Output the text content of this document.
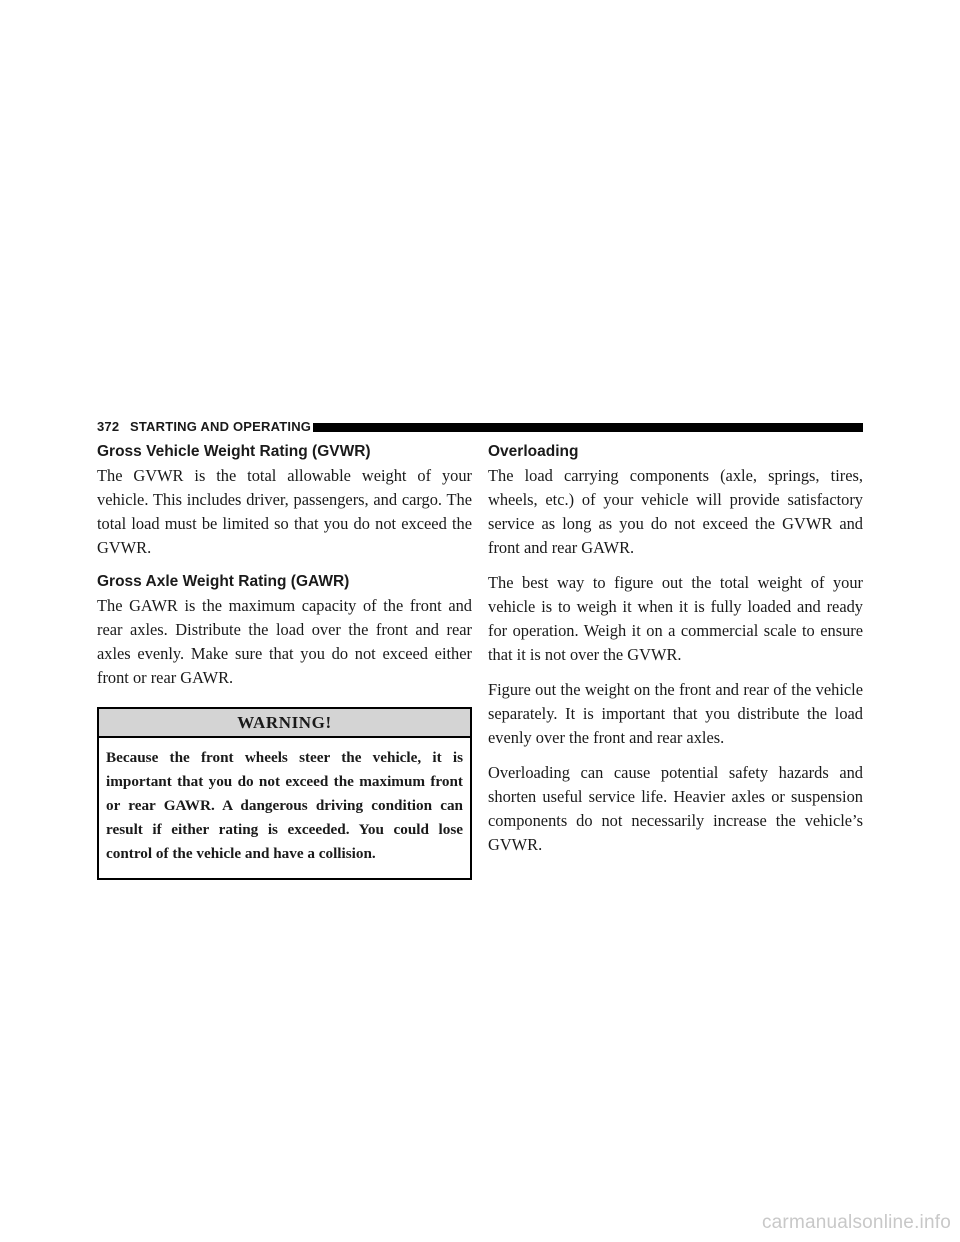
372 STARTING AND OPERATING
Gross Vehicle Weight Rating (GVWR)

The GVWR is the total allowable weight of your vehicle. This includes driver, passengers, and cargo. The total load must be limited so that you do not exceed the GVWR.

Gross Axle Weight Rating (GAWR)

The GAWR is the maximum capacity of the front and rear axles. Distribute the load over the front and rear axles evenly. Make sure that you do not exceed either front or rear GAWR.

WARNING!
Because the front wheels steer the vehicle, it is important that you do not exceed the maximum front or rear GAWR. A dangerous driving condition can result if either rating is exceeded. You could lose control of the vehicle and have a collision.
Overloading

The load carrying components (axle, springs, tires, wheels, etc.) of your vehicle will provide satisfactory service as long as you do not exceed the GVWR and front and rear GAWR.

The best way to figure out the total weight of your vehicle is to weigh it when it is fully loaded and ready for operation. Weigh it on a commercial scale to ensure that it is not over the GVWR.

Figure out the weight on the front and rear of the vehicle separately. It is important that you distribute the load evenly over the front and rear axles.

Overloading can cause potential safety hazards and shorten useful service life. Heavier axles or suspension components do not necessarily increase the vehicle’s GVWR.

carmanualsonline.info
